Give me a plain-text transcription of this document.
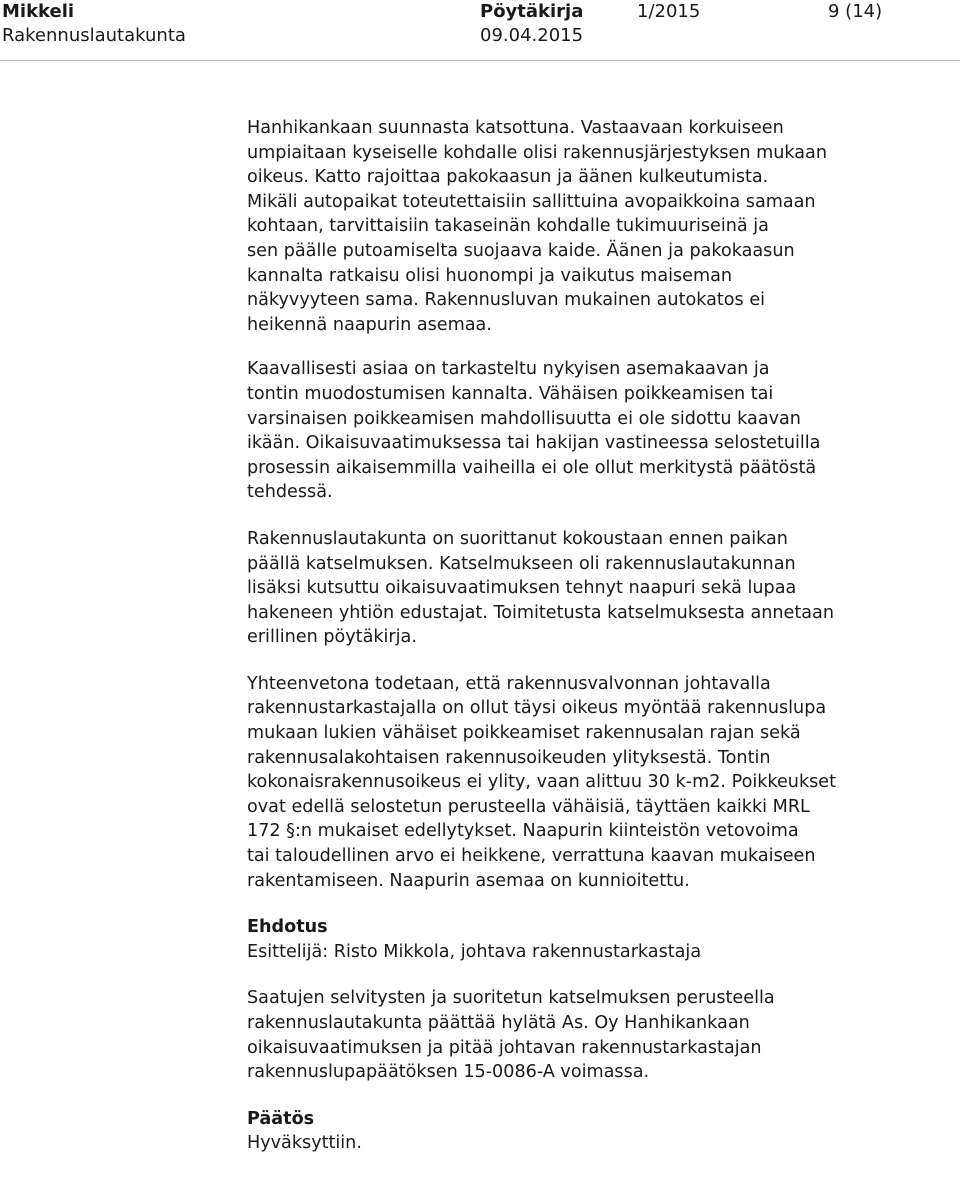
Mikkeli
Rakennuslautakunta
Pöytäkirja
09.04.2015
1/2015	9 (14)

Hanhikankaan suunnasta katsottuna. Vastaavaan korkuiseen
umpiaitaan kyseiselle kohdalle olisi rakennusjärjestyksen mukaan
oikeus. Katto rajoittaa pakokaasun ja äänen kulkeutumista.
Mikäli autopaikat toteutettaisiin sallittuina avopaikkoina samaan
kohtaan, tarvittaisiin takaseinän kohdalle tukimuuriseinä ja
sen päälle putoamiselta suojaava kaide. Äänen ja pakokaasun
kannalta ratkaisu olisi huonompi ja vaikutus maiseman
näkyvyyteen sama. Rakennusluvan mukainen autokatos ei
heikennä naapurin asemaa.

Kaavallisesti asiaa on tarkasteltu nykyisen asemakaavan ja
tontin muodostumisen kannalta. Vähäisen poikkeamisen tai
varsinaisen poikkeamisen mahdollisuutta ei ole sidottu kaavan
ikään. Oikaisuvaatimuksessa tai hakijan vastineessa selostetuilla
prosessin aikaisemmilla vaiheilla ei ole ollut merkitystä päätöstä
tehdessä.

Rakennuslautakunta on suorittanut kokoustaan ennen paikan
päällä katselmuksen. Katselmukseen oli rakennuslautakunnan
lisäksi kutsuttu oikaisuvaatimuksen tehnyt naapuri sekä lupaa
hakeneen yhtiön edustajat. Toimitetusta katselmuksesta annetaan
erillinen pöytäkirja.

Yhteenvetona todetaan, että rakennusvalvonnan johtavalla
rakennustarkastajalla on ollut täysi oikeus myöntää rakennuslupa
mukaan lukien vähäiset poikkeamiset rakennusalan rajan sekä
rakennusalakohtaisen rakennusoikeuden ylityksestä. Tontin
kokonaisrakennusoikeus ei ylity, vaan alittuu 30 k-m2. Poikkeukset
ovat edellä selostetun perusteella vähäisiä, täyttäen kaikki MRL
172 §:n mukaiset edellytykset. Naapurin kiinteistön vetovoima
tai taloudellinen arvo ei heikkene, verrattuna kaavan mukaiseen
rakentamiseen. Naapurin asemaa on kunnioitettu.

Ehdotus

Esittelijä: Risto Mikkola, johtava rakennustarkastaja

Saatujen selvitysten ja suoritetun katselmuksen perusteella
rakennuslautakunta päättää hylätä As. Oy Hanhikankaan
oikaisuvaatimuksen ja pitää johtavan rakennustarkastajan
rakennuslupapäätöksen 15-0086-A voimassa.

Päätös

Hyväksyttiin.
